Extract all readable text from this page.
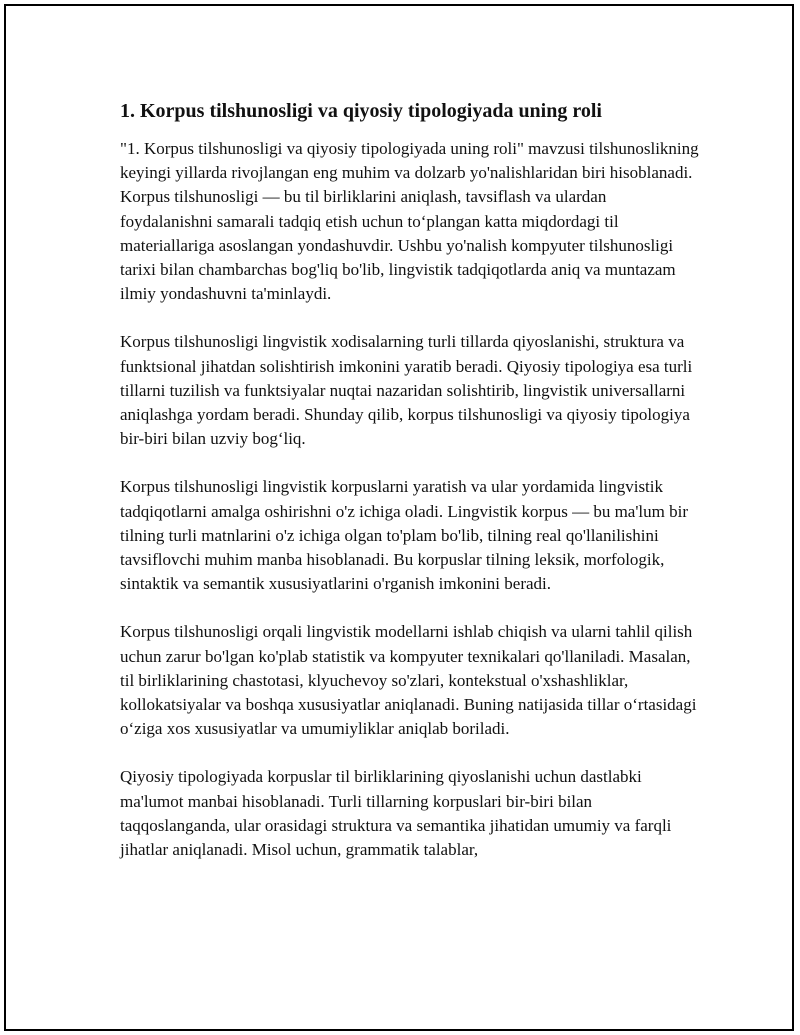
1. Korpus tilshunosligi va qiyosiy tipologiyada uning roli

"1. Korpus tilshunosligi va qiyosiy tipologiyada uning roli" mavzusi tilshunoslikning keyingi yillarda rivojlangan eng muhim va dolzarb yo'nalishlaridan biri hisoblanadi. Korpus tilshunosligi — bu til birliklarini aniqlash, tavsiflash va ulardan foydalanishni samarali tadqiq etish uchun to‘plangan katta miqdordagi til materiallariga asoslangan yondashuvdir. Ushbu yo'nalish kompyuter tilshunosligi tarixi bilan chambarchas bog'liq bo'lib, lingvistik tadqiqotlarda aniq va muntazam ilmiy yondashuvni ta'minlaydi.

Korpus tilshunosligi lingvistik xodisalarning turli tillarda qiyoslanishi, struktura va funktsional jihatdan solishtirish imkonini yaratib beradi. Qiyosiy tipologiya esa turli tillarni tuzilish va funktsiyalar nuqtai nazaridan solishtirib, lingvistik universallarni aniqlashga yordam beradi. Shunday qilib, korpus tilshunosligi va qiyosiy tipologiya bir-biri bilan uzviy bog‘liq.

Korpus tilshunosligi lingvistik korpuslarni yaratish va ular yordamida lingvistik tadqiqotlarni amalga oshirishni o'z ichiga oladi. Lingvistik korpus — bu ma'lum bir tilning turli matnlarini o'z ichiga olgan to'plam bo'lib, tilning real qo'llanilishini tavsiflovchi muhim manba hisoblanadi. Bu korpuslar tilning leksik, morfologik, sintaktik va semantik xususiyatlarini o'rganish imkonini beradi.

Korpus tilshunosligi orqali lingvistik modellarni ishlab chiqish va ularni tahlil qilish uchun zarur bo'lgan ko'plab statistik va kompyuter texnikalari qo'llaniladi. Masalan, til birliklarining chastotasi, klyuchevoy so'zlari, kontekstual o'xshashliklar, kollokatsiyalar va boshqa xususiyatlar aniqlanadi. Buning natijasida tillar o‘rtasidagi o‘ziga xos xususiyatlar va umumiyliklar aniqlab boriladi.

Qiyosiy tipologiyada korpuslar til birliklarining qiyoslanishi uchun dastlabki ma'lumot manbai hisoblanadi. Turli tillarning korpuslari bir-biri bilan taqqoslanganda, ular orasidagi struktura va semantika jihatidan umumiy va farqli jihatlar aniqlanadi. Misol uchun, grammatik talablar,
